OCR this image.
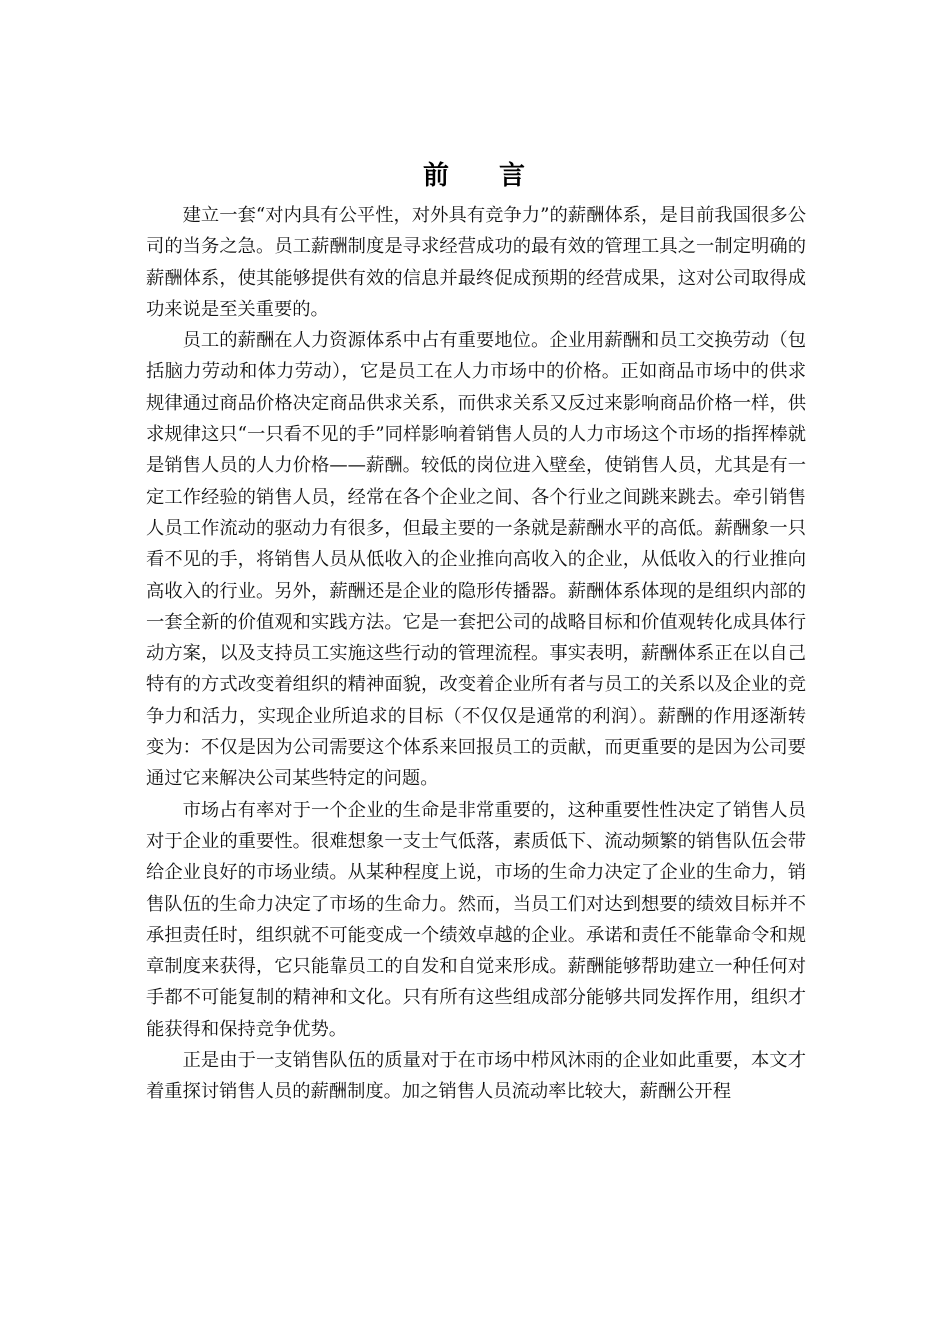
前 言

建立一套“对内具有公平性，对外具有竞争力”的薪酬体系，是目前我国很多公司的当务之急。员工薪酬制度是寻求经营成功的最有效的管理工具之一制定明确的薪酬体系，使其能够提供有效的信息并最终促成预期的经营成果，这对公司取得成功来说是至关重要的。

员工的薪酬在人力资源体系中占有重要地位。企业用薪酬和员工交换劳动（包括脑力劳动和体力劳动），它是员工在人力市场中的价格。正如商品市场中的供求规律通过商品价格决定商品供求关系，而供求关系又反过来影响商品价格一样，供求规律这只“一只看不见的手”同样影响着销售人员的人力市场这个市场的指挥棒就是销售人员的人力价格——薪酬。较低的岗位进入壁垒，使销售人员，尤其是有一定工作经验的销售人员，经常在各个企业之间、各个行业之间跳来跳去。牵引销售人员工作流动的驱动力有很多，但最主要的一条就是薪酬水平的高低。薪酬象一只看不见的手，将销售人员从低收入的企业推向高收入的企业，从低收入的行业推向高收入的行业。另外，薪酬还是企业的隐形传播器。薪酬体系体现的是组织内部的一套全新的价值观和实践方法。它是一套把公司的战略目标和价值观转化成具体行动方案，以及支持员工实施这些行动的管理流程。事实表明，薪酬体系正在以自己特有的方式改变着组织的精神面貌，改变着企业所有者与员工的关系以及企业的竞争力和活力，实现企业所追求的目标（不仅仅是通常的利润）。薪酬的作用逐渐转变为：不仅是因为公司需要这个体系来回报员工的贡献，而更重要的是因为公司要通过它来解决公司某些特定的问题。

市场占有率对于一个企业的生命是非常重要的，这种重要性性决定了销售人员对于企业的重要性。很难想象一支士气低落，素质低下、流动频繁的销售队伍会带给企业良好的市场业绩。从某种程度上说，市场的生命力决定了企业的生命力，销售队伍的生命力决定了市场的生命力。然而，当员工们对达到想要的绩效目标并不承担责任时，组织就不可能变成一个绩效卓越的企业。承诺和责任不能靠命令和规章制度来获得，它只能靠员工的自发和自觉来形成。薪酬能够帮助建立一种任何对手都不可能复制的精神和文化。只有所有这些组成部分能够共同发挥作用，组织才能获得和保持竞争优势。

正是由于一支销售队伍的质量对于在市场中栉风沐雨的企业如此重要，本文才着重探讨销售人员的薪酬制度。加之销售人员流动率比较大，薪酬公开程
